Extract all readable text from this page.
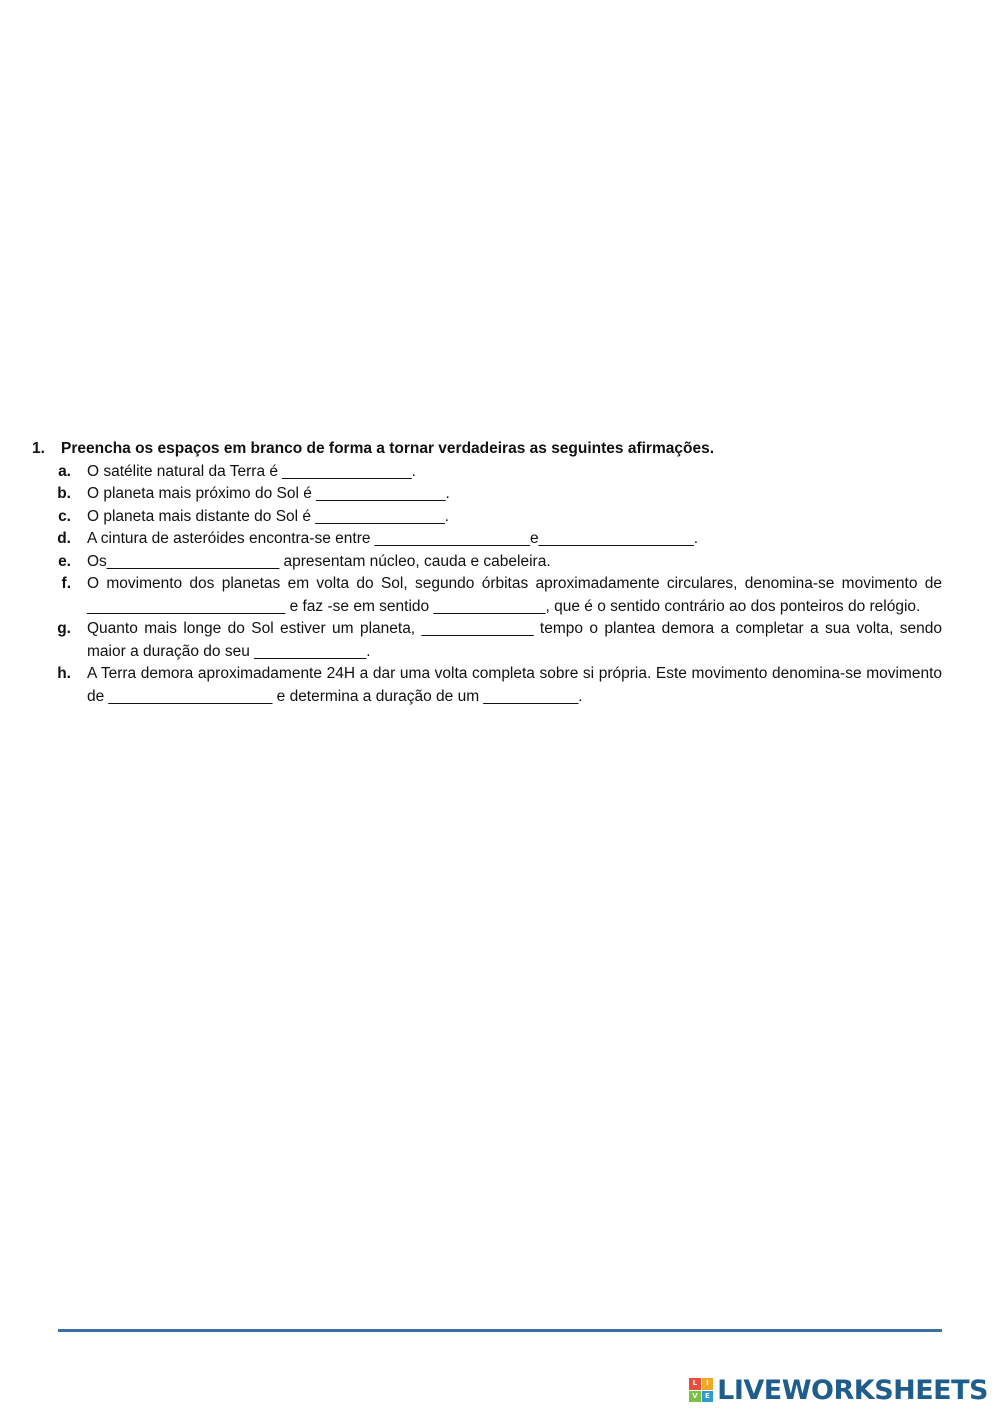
1.	Preencha os espaços em branco de forma a tornar verdadeiras as seguintes afirmações.
a.	O satélite natural da Terra é _______________.
b.	O planeta mais próximo do Sol é _______________.
c.	O planeta mais distante do Sol é _______________.
d.	A cintura de asteróides encontra-se entre __________________e__________________.
e.	Os____________________ apresentam núcleo, cauda e cabeleira.
f.	O movimento dos planetas em volta do Sol, segundo órbitas aproximadamente circulares, denomina-se movimento de _______________________ e faz -se em sentido _____________, que é o sentido contrário ao dos ponteiros do relógio.
g.	Quanto mais longe do Sol estiver um planeta, _____________ tempo o plantea demora a completar a sua volta, sendo maior a duração do seu _____________.
h.	A Terra demora aproximadamente 24H a dar uma volta completa sobre si própria. Este movimento denomina-se movimento de ___________________ e determina a duração de um ___________.
L	I
V	E LIVEWORKSHEETS
